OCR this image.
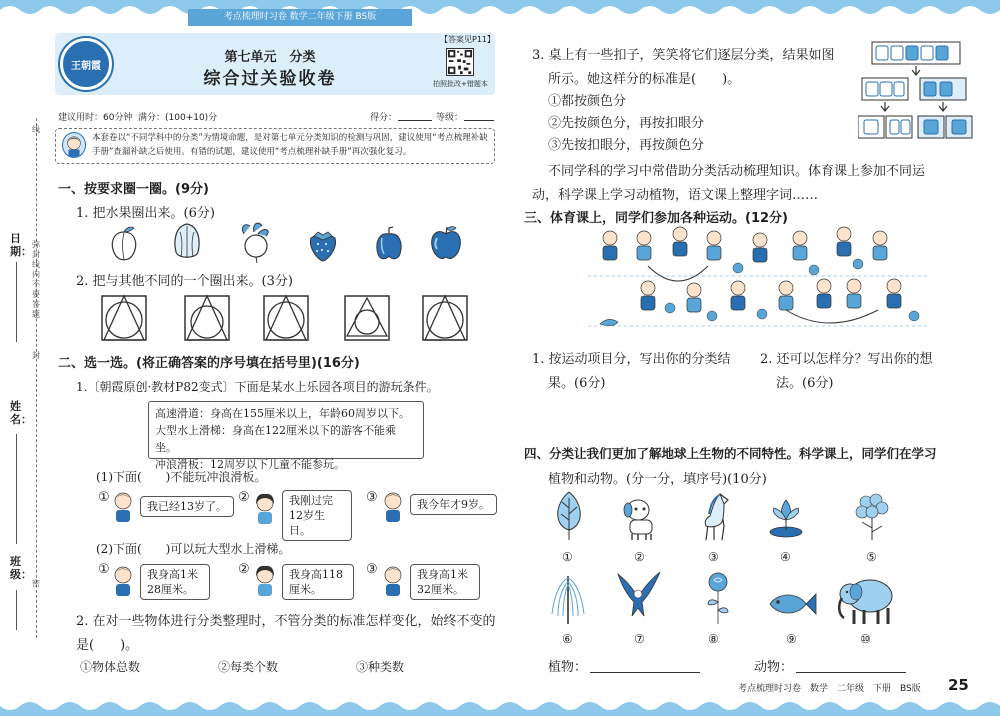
考点梳理时习卷 数学二年级下册 BS版
日期：
姓名：
班级：
线
弥封线内不要答题
封
密
王朝霞
【答案见P11】
第七单元　分类
综合过关验收卷	拍照批改+错题本
建议用时：60分钟 满分：(100+10)分	得分：	等级：
本套卷以“不同学科中的分类”为情境命题，是对第七单元分类知识的检测与巩固，建议使用“考点梳理补缺手册”查漏补缺之后使用。有错的试题，建议使用“考点梳理补缺手册”再次强化复习。
一、按要求圈一圈。(9分)
1. 把水果圈出来。(6分)
2. 把与其他不同的一个圈出来。(3分)
二、选一选。(将正确答案的序号填在括号里)(16分)
1.〔朝霞原创·教材P82变式〕下面是某水上乐园各项目的游玩条件。
高速滑道：身高在155厘米以上，年龄60周岁以下。
大型水上滑梯：身高在122厘米以下的游客不能乘坐。
冲浪滑板：12周岁以下儿童不能参玩。
(1)下面(　　)不能玩冲浪滑板。
①
我已经13岁了。
②	我刚过完12岁生日。
③	我今年才9岁。
(2)下面(　　)可以玩大型水上滑梯。
①	我身高1米28厘米。
②	我身高118厘米。
③	我身高1米32厘米。
2. 在对一些物体进行分类整理时，不管分类的标准怎样变化，始终不变的
是(　　)。
①物体总数	②每类个数	③种类数
3. 桌上有一些扣子，笑笑将它们逐层分类，结果如图
所示。她这样分的标准是(　　)。
①都按颜色分
②先按颜色分，再按扣眼分
③先按扣眼分，再按颜色分
不同学科的学习中常借助分类活动梳理知识。体育课上参加不同运
动，科学课上学习动植物，语文课上整理字词……
三、体育课上，同学们参加各种运动。(12分)
1. 按运动项目分，写出你的分类结
果。(6分)
2. 还可以怎样分？写出你的想
法。(6分)
四、分类让我们更加了解地球上生物的不同特性。科学课上，同学们在学习
植物和动物。(分一分，填序号)(10分)
①	②	③	④	⑤
⑥	⑦	⑧	⑨	⑩
植物：	动物：
考点梳理时习卷　数学　二年级　下册　BS版 25
